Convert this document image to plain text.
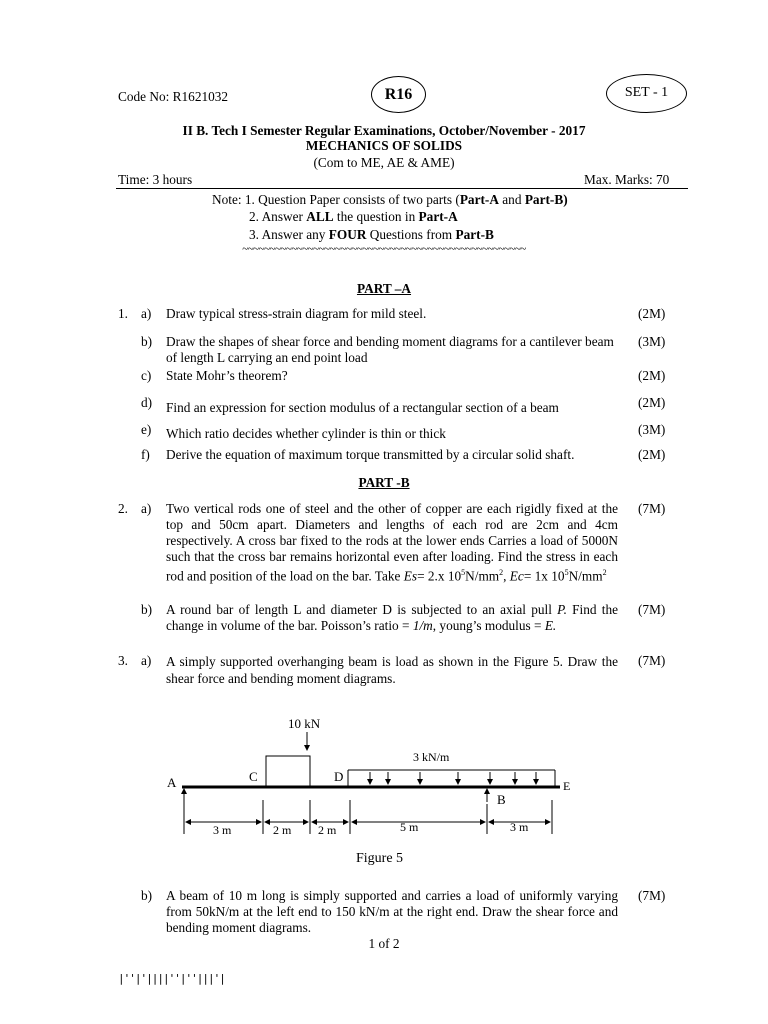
Code No: R1621032	R16	SET - 1
II B. Tech I Semester Regular Examinations, October/November - 2017
MECHANICS OF SOLIDS
(Com to ME, AE & AME)
Time: 3 hours	Max. Marks: 70
Note: 1. Question Paper consists of two parts (Part-A and Part-B)
2. Answer ALL the question in Part-A
3. Answer any FOUR Questions from Part-B
~~~~~~~~~~~~~~~~~~~~~~~~~~~~~~~~~~~~~~~~~~~~~~~~~~~~
PART –A
1. a) Draw typical stress-strain diagram for mild steel.	(2M)
b) Draw the shapes of shear force and bending moment diagrams for a cantilever beam of length L carrying an end point load
(3M)
c) State Mohr’s theorem?	(2M)
d) Find an expression for section modulus of a rectangular section of a beam	(2M)
e) Which ratio decides whether cylinder is thin or thick	(3M)
f) Derive the equation of maximum torque transmitted by a circular solid shaft.	(2M)
PART -B
2. a) Two vertical rods one of steel and the other of copper are each rigidly fixed at the top and 50cm apart. Diameters and lengths of each rod are 2cm and 4cm respectively. A cross bar fixed to the rods at the lower ends Carries a load of 5000N such that the cross bar remains horizontal even after loading. Find the stress in each rod and position of the load on the bar. Take Es= 2.x $10^5N/mm^2$, Ec= 1x $10^5N/mm^2$
(7M)
b) A round bar of length L and diameter D is subjected to an axial pull P. Find the change in volume of the bar. Poisson’s ratio = 1/m, young’s modulus = E.
(7M)
3. a) A simply supported overhanging beam is load as shown in the Figure 5. Draw the shear force and bending moment diagrams.
(7M)
10 kN
3 kN/m
A	C	D
B
E
3 m	2 m 2 m	5 m	3 m
Figure 5
b) A beam of 10 m long is simply supported and carries a load of uniformly varying from 50kN/m at the left end to 150 kN/m at the right end. Draw the shear force and bending moment diagrams.
(7M)
1 of 2
|''|'||||''|''|||'|
